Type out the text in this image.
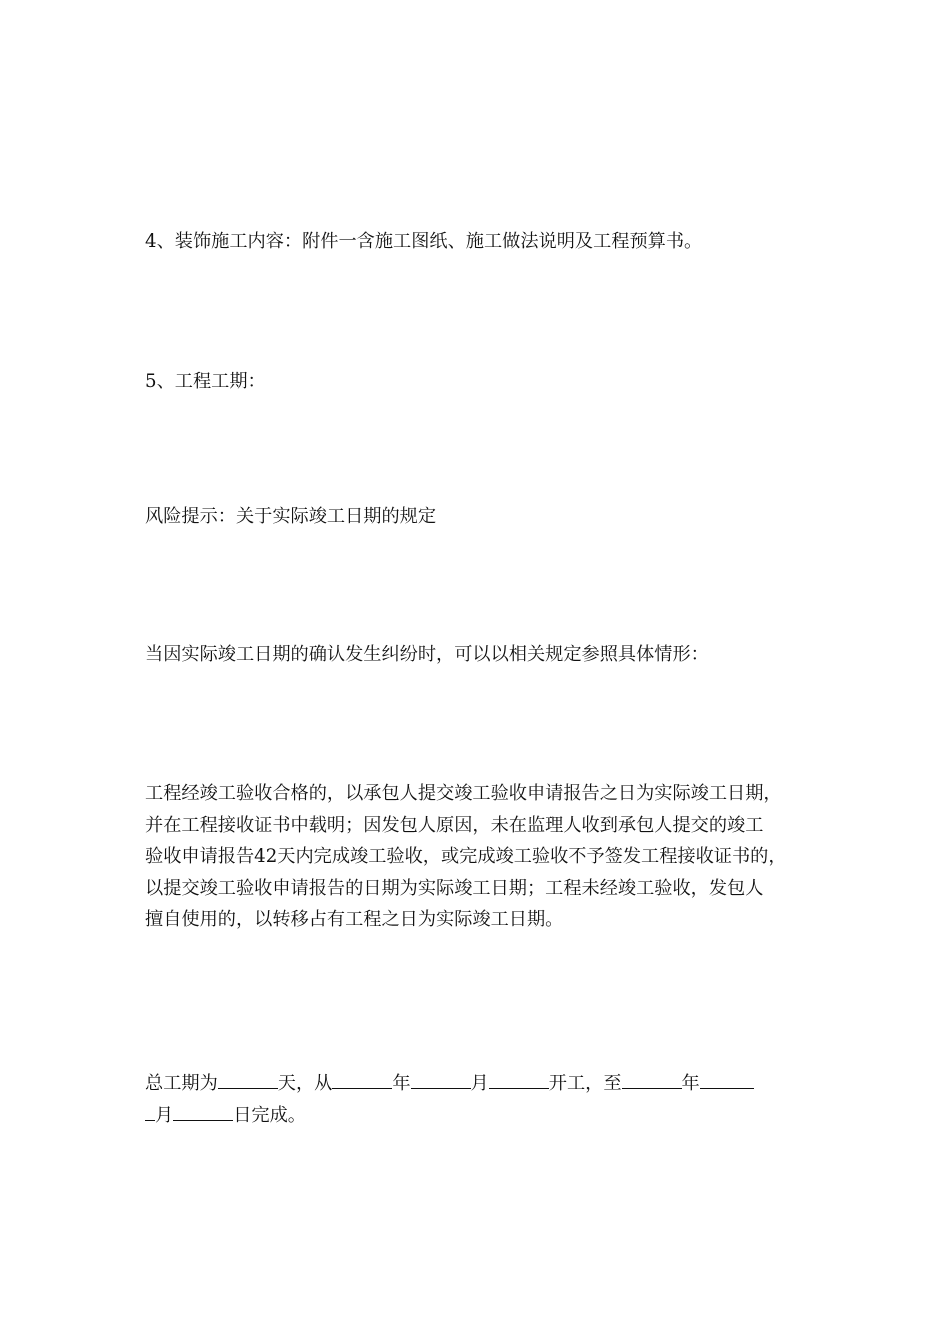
4、装饰施工内容：附件一含施工图纸、施工做法说明及工程预算书。

5、工程工期：

风险提示：关于实际竣工日期的规定

当因实际竣工日期的确认发生纠纷时，可以以相关规定参照具体情形：

工程经竣工验收合格的，以承包人提交竣工验收申请报告之日为实际竣工日期，
并在工程接收证书中载明；因发包人原因，未在监理人收到承包人提交的竣工
验收申请报告42天内完成竣工验收，或完成竣工验收不予签发工程接收证书的，
以提交竣工验收申请报告的日期为实际竣工日期；工程未经竣工验收，发包人
擅自使用的，以转移占有工程之日为实际竣工日期。
总工期为	天，从	年	月	开工，至	年
月	日完成。
